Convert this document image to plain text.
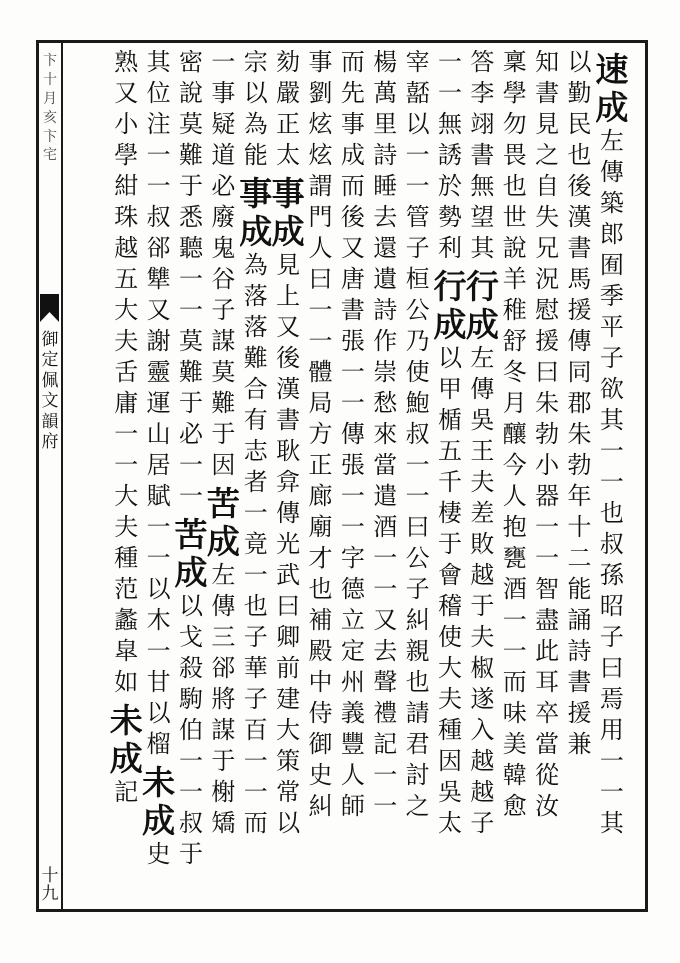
卞十月亥卞宅
御定佩文韻府
十九
速
成
左
傳
築
郎
囿
季
平
子
欲
其
一
一
也
叔
孫
昭
子
曰
焉
用
一
一
其
以
勤
民
也
後
漢
書
馬
援
傳
同
郡
朱
勃
年
十
二
能
誦
詩
書
援
兼
知
書
見
之
自
失
兄
況
慰
援
曰
朱
勃
小
器
一
一
智
盡
此
耳
卒
當
從
汝
稟
學
勿
畏
也
世
說
羊
稚
舒
冬
月
釀
今
人
抱
甕
酒
一
一
而
味
美
韓
愈
答
李
翊
書
無
望
其
行
成
左
傳
吳
王
夫
差
敗
越
于
夫
椒
遂
入
越
越
子
一
一
無
誘
於
勢
利
行
成
以
甲
楯
五
千
棲
于
會
稽
使
大
夫
種
因
吳
太
宰
嚭
以
一
一
管
子
桓
公
乃
使
鮑
叔
一
一
曰
公
子
糾
親
也
請
君
討
之
楊
萬
里
詩
睡
去
還
遺
詩
作
崇
愁
來
當
遣
酒
一
一
又
去
聲
禮
記
一
一
而
先
事
成
而
後
又
唐
書
張
一
一
傳
張
一
一
字
德
立
定
州
義
豐
人
師
事
劉
炫
炫
謂
門
人
曰
一
一
體
局
方
正
廊
廟
才
也
補
殿
中
侍
御
史
糾
劾
嚴
正
太
事
成
見
上
又
後
漢
書
耿
弇
傳
光
武
曰
卿
前
建
大
策
常
以
宗
以
為
能
事
成
為
落
落
難
合
有
志
者
一
竟
一
也
子
華
子
百
一
一
而
一
事
疑
道
必
廢
鬼
谷
子
謀
莫
難
于
因
苦
成
左
傳
三
郤
將
謀
于
榭
矯
密
說
莫
難
于
悉
聽
一
一
莫
難
于
必
一
一
苦
成
以
戈
殺
駒
伯
一
一
叔
于
其
位
注
一
一
叔
郤
犨
又
謝
靈
運
山
居
賦
一
一
以
木
一
甘
以
榴
未
成
史
熟
又
小
學
紺
珠
越
五
大
夫
舌
庸
一
一
大
夫
種
范
蠡
皐
如
未
成
記
